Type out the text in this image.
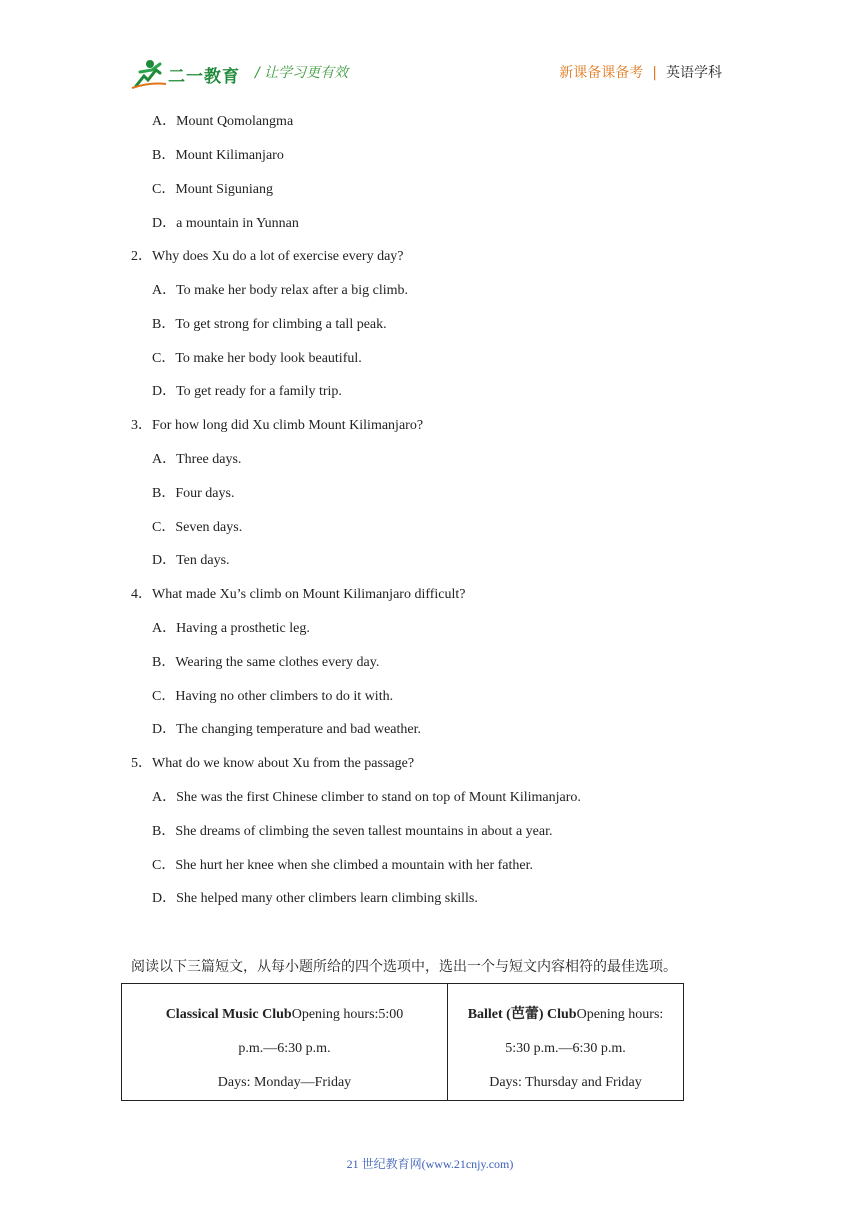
二一教育 / 让学习更有效	新课备课备考 | 英语学科
A．Mount Qomolangma
B．Mount Kilimanjaro
C．Mount Siguniang
D．a mountain in Yunnan
2．Why does Xu do a lot of exercise every day?
A．To make her body relax after a big climb.
B．To get strong for climbing a tall peak.
C．To make her body look beautiful.
D．To get ready for a family trip.
3．For how long did Xu climb Mount Kilimanjaro?
A．Three days.
B．Four days.
C．Seven days.
D．Ten days.
4．What made Xu’s climb on Mount Kilimanjaro difficult?
A．Having a prosthetic leg.
B．Wearing the same clothes every day.
C．Having no other climbers to do it with.
D．The changing temperature and bad weather.
5．What do we know about Xu from the passage?
A．She was the first Chinese climber to stand on top of Mount Kilimanjaro.
B．She dreams of climbing the seven tallest mountains in about a year.
C．She hurt her knee when she climbed a mountain with her father.
D．She helped many other climbers learn climbing skills.
阅读以下三篇短文，从每小题所给的四个选项中，选出一个与短文内容相符的最佳选项。
Classical Music ClubOpening hours:5:00
p.m.—6:30 p.m.
Days: Monday—Friday

Ballet (芭蕾) ClubOpening hours:
5:30 p.m.—6:30 p.m.
Days: Thursday and Friday
21 世纪教育网(www.21cnjy.com)
